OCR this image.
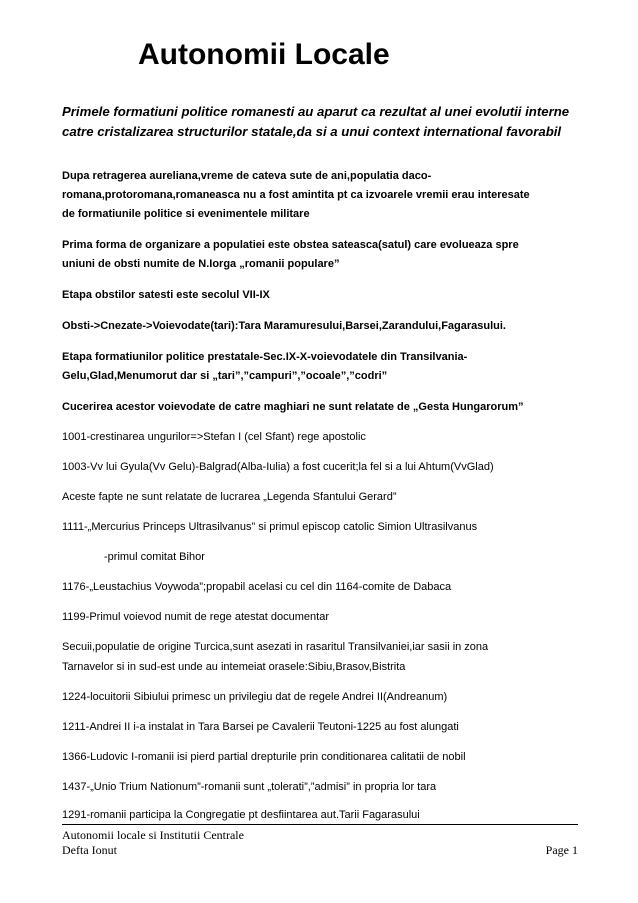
Autonomii Locale
Primele formatiuni politice romanesti au aparut ca rezultat al unei evolutii interne catre cristalizarea structurilor statale,da si a unui context international favorabil
Dupa retragerea aureliana,vreme de cateva sute de ani,populatia daco-
romana,protoromana,romaneasca nu a fost amintita pt ca izvoarele vremii erau interesate
de formatiunile politice si evenimentele militare
Prima forma de organizare a populatiei este obstea sateasca(satul) care evolueaza spre
uniuni de obsti numite de N.Iorga „romanii populare”
Etapa obstilor satesti este secolul VII-IX
Obsti->Cnezate->Voievodate(tari):Tara Maramuresului,Barsei,Zarandului,Fagarasului.
Etapa formatiunilor politice prestatale-Sec.IX-X-voievodatele din Transilvania-
Gelu,Glad,Menumorut dar si „tari”,”campuri”,”ocoale”,”codri”
Cucerirea acestor voievodate de catre maghiari ne sunt relatate de „Gesta Hungarorum”
1001-crestinarea ungurilor=>Stefan I (cel Sfant) rege apostolic
1003-Vv lui Gyula(Vv Gelu)-Balgrad(Alba-Iulia) a fost cucerit;la fel si a lui Ahtum(VvGlad)
Aceste fapte ne sunt relatate de lucrarea „Legenda Sfantului Gerard”
1111-„Mercurius Princeps Ultrasilvanus” si primul episcop catolic Simion Ultrasilvanus
-primul comitat Bihor
1176-„Leustachius Voywoda”;propabil acelasi cu cel din 1164-comite de Dabaca
1199-Primul voievod numit de rege atestat documentar
Secuii,populatie de origine Turcica,sunt asezati in rasaritul Transilvaniei,iar sasii in zona
Tarnavelor si in sud-est unde au intemeiat orasele:Sibiu,Brasov,Bistrita
1224-locuitorii Sibiului primesc un privilegiu dat de regele Andrei II(Andreanum)
1211-Andrei II i-a instalat in Tara Barsei pe Cavalerii Teutoni-1225 au fost alungati
1366-Ludovic I-romanii isi pierd partial drepturile prin conditionarea calitatii de nobil
1437-„Unio Trium Nationum”-romanii sunt „tolerati”,”admisi” in propria lor tara
1291-romanii participa la Congregatie pt desfiintarea aut.Tarii Fagarasului
Autonomii locale si Institutii Centrale
Defta Ionut	Page 1
